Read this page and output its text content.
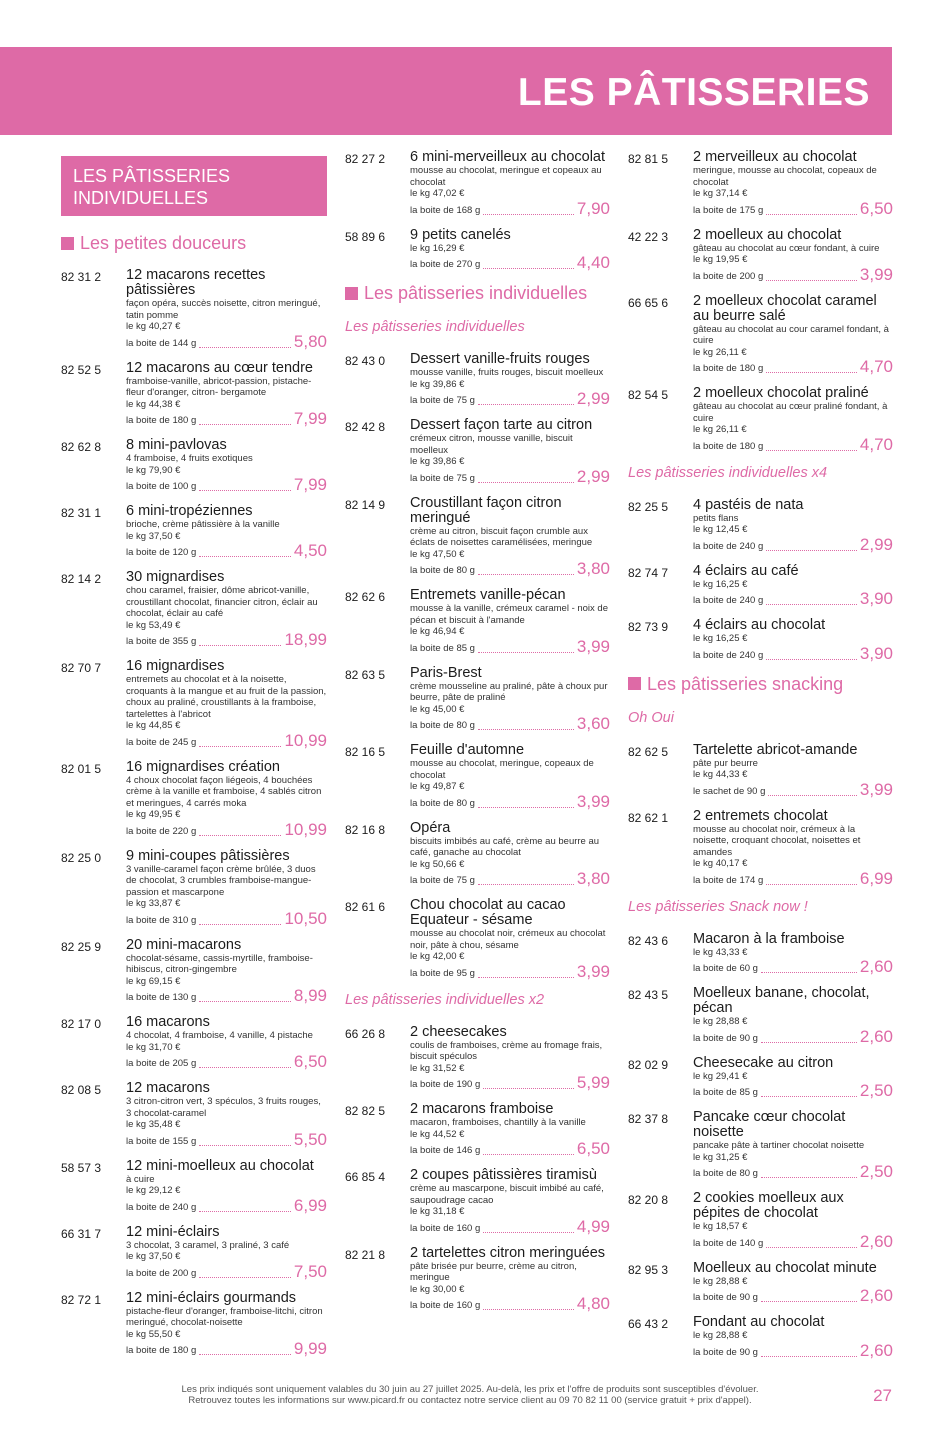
LES PÂTISSERIES
LES PÂTISSERIES INDIVIDUELLES
Les petites douceurs
82 31 2	12 macarons recettes pâtissières
façon opéra, succès noisette, citron meringué, tatin pomme
le kg 40,27 €
la boite de 144 g	5,80
82 52 5	12 macarons au cœur tendre
framboise-vanille, abricot-passion, pistache-fleur d'oranger, citron- bergamote
le kg 44,38 €
la boite de 180 g	7,99
82 62 8	8 mini-pavlovas
4 framboise, 4 fruits exotiques
le kg 79,90 €
la boite de 100 g	7,99
82 31 1	6 mini-tropéziennes
brioche, crème pâtissière à la vanille
le kg 37,50 €
la boite de 120 g	4,50
82 14 2	30 mignardises
chou caramel, fraisier, dôme abricot-vanille, croustillant chocolat, financier citron, éclair au chocolat, éclair au café
le kg 53,49 €
la boite de 355 g	18,99
82 70 7	16 mignardises
entremets au chocolat et à la noisette, croquants à la mangue et au fruit de la passion, choux au praliné, croustillants à la framboise, tartelettes à l'abricot
le kg 44,85 €
la boite de 245 g	10,99
82 01 5	16 mignardises création
4 choux chocolat façon liégeois, 4 bouchées crème à la vanille et framboise, 4 sablés citron et meringues, 4 carrés moka
le kg 49,95 €
la boite de 220 g	10,99
82 25 0	9 mini-coupes pâtissières
3 vanille-caramel façon crème brûlée, 3 duos de chocolat, 3 crumbles framboise-mangue-passion et mascarpone
le kg 33,87 €
la boite de 310 g	10,50
82 25 9	20 mini-macarons
chocolat-sésame, cassis-myrtille, framboise-hibiscus, citron-gingembre
le kg 69,15 €
la boite de 130 g	8,99
82 17 0	16 macarons
4 chocolat, 4 framboise, 4 vanille, 4 pistache
le kg 31,70 €
la boite de 205 g	6,50
82 08 5	12 macarons
3 citron-citron vert, 3 spéculos, 3 fruits rouges, 3 chocolat-caramel
le kg 35,48 €
la boite de 155 g	5,50
58 57 3	12 mini-moelleux au chocolat
à cuire
le kg 29,12 €
la boite de 240 g	6,99
66 31 7	12 mini-éclairs
3 chocolat, 3 caramel, 3 praliné, 3 café
le kg 37,50 €
la boite de 200 g	7,50
82 72 1	12 mini-éclairs gourmands
pistache-fleur d'oranger, framboise-litchi, citron meringué, chocolat-noisette
le kg 55,50 €
la boite de 180 g	9,99
82 27 2	6 mini-merveilleux au chocolat
mousse au chocolat, meringue et copeaux au chocolat
le kg 47,02 €
la boite de 168 g	7,90
58 89 6	9 petits canelés
le kg 16,29 €
la boite de 270 g	4,40
Les pâtisseries individuelles
Les pâtisseries individuelles
82 43 0	Dessert vanille-fruits rouges
mousse vanille, fruits rouges, biscuit moelleux
le kg 39,86 €
la boite de 75 g	2,99
82 42 8	Dessert façon tarte au citron
crémeux citron, mousse vanille, biscuit moelleux
le kg 39,86 €
la boite de 75 g	2,99
82 14 9	Croustillant façon citron meringué
crème au citron, biscuit façon crumble aux éclats de noisettes caramélisées, meringue
le kg 47,50 €
la boite de 80 g	3,80
82 62 6	Entremets vanille-pécan
mousse à la vanille, crémeux caramel - noix de pécan et biscuit à l'amande
le kg 46,94 €
la boite de 85 g	3,99
82 63 5	Paris-Brest
crème mousseline au praliné, pâte à choux pur beurre, pâte de praliné
le kg 45,00 €
la boite de 80 g	3,60
82 16 5	Feuille d'automne
mousse au chocolat, meringue, copeaux de chocolat
le kg 49,87 €
la boite de 80 g	3,99
82 16 8	Opéra
biscuits imbibés au café, crème au beurre au café, ganache au chocolat
le kg 50,66 €
la boite de 75 g	3,80
82 61 6	Chou chocolat au cacao Equateur - sésame
mousse au chocolat noir, crémeux au chocolat noir, pâte à chou, sésame
le kg 42,00 €
la boite de 95 g	3,99
Les pâtisseries individuelles x2
66 26 8	2 cheesecakes
coulis de framboises, crème au fromage frais, biscuit spéculos
le kg 31,52 €
la boite de 190 g	5,99
82 82 5	2 macarons framboise
macaron, framboises, chantilly à la vanille
le kg 44,52 €
la boite de 146 g	6,50
66 85 4	2 coupes pâtissières tiramisù
crème au mascarpone, biscuit imbibé au café, saupoudrage cacao
le kg 31,18 €
la boite de 160 g	4,99
82 21 8	2 tartelettes citron meringuées
pâte brisée pur beurre, crème au citron, meringue
le kg 30,00 €
la boite de 160 g	4,80
82 81 5	2 merveilleux au chocolat
meringue, mousse au chocolat, copeaux de chocolat
le kg 37,14 €
la boite de 175 g	6,50
42 22 3	2 moelleux au chocolat
gâteau au chocolat au cœur fondant, à cuire
le kg 19,95 €
la boite de 200 g	3,99
66 65 6	2 moelleux chocolat caramel au beurre salé
gâteau au chocolat au cour caramel fondant, à cuire
le kg 26,11 €
la boite de 180 g	4,70
82 54 5	2 moelleux chocolat praliné
gâteau au chocolat au cœur praliné fondant, à cuire
le kg 26,11 €
la boite de 180 g	4,70
Les pâtisseries individuelles x4
82 25 5	4 pastéis de nata
petits flans
le kg 12,45 €
la boite de 240 g	2,99
82 74 7	4 éclairs au café
le kg 16,25 €
la boite de 240 g	3,90
82 73 9	4 éclairs au chocolat
le kg 16,25 €
la boite de 240 g	3,90
Les pâtisseries snacking
Oh Oui
82 62 5	Tartelette abricot-amande
pâte pur beurre
le kg 44,33 €
le sachet de 90 g	3,99
82 62 1	2 entremets chocolat
mousse au chocolat noir, crémeux à la noisette, croquant chocolat, noisettes et amandes
le kg 40,17 €
la boite de 174 g	6,99
Les pâtisseries Snack now !
82 43 6	Macaron à la framboise
le kg 43,33 €
la boite de 60 g	2,60
82 43 5	Moelleux banane, chocolat, pécan
le kg 28,88 €
la boite de 90 g	2,60
82 02 9	Cheesecake au citron
le kg 29,41 €
la boite de 85 g	2,50
82 37 8	Pancake cœur chocolat noisette
pancake pâte à tartiner chocolat noisette
le kg 31,25 €
la boite de 80 g	2,50
82 20 8	2 cookies moelleux aux pépites de chocolat
le kg 18,57 €
la boite de 140 g	2,60
82 95 3	Moelleux au chocolat minute
le kg 28,88 €
la boite de 90 g	2,60
66 43 2	Fondant au chocolat
le kg 28,88 €
la boite de 90 g	2,60
Les prix indiqués sont uniquement valables du 30 juin au 27 juillet 2025. Au-delà, les prix et l'offre de produits sont susceptibles d'évoluer.
Retrouvez toutes les informations sur www.picard.fr ou contactez notre service client au 09 70 82 11 00 (service gratuit + prix d'appel).	27
